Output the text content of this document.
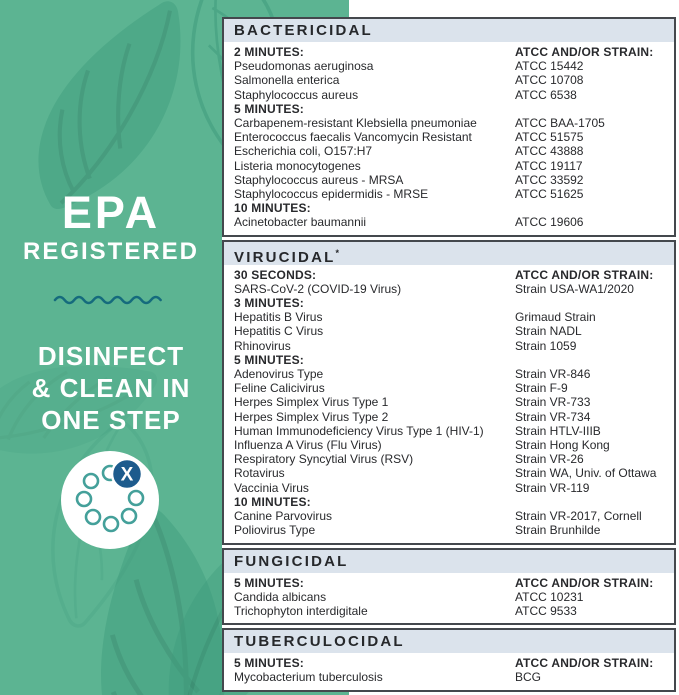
EPA
REGISTERED
DISINFECT
& CLEAN IN
ONE STEP
X
BACTERICIDAL
2 MINUTES:	ATCC AND/OR STRAIN:
Pseudomonas aeruginosa	ATCC 15442
Salmonella enterica	ATCC 10708
Staphylococcus aureus	ATCC 6538
5 MINUTES:
Carbapenem-resistant Klebsiella pneumoniae	ATCC BAA-1705
Enterococcus faecalis Vancomycin Resistant	ATCC 51575
Escherichia coli, O157:H7	ATCC 43888
Listeria monocytogenes	ATCC 19117
Staphylococcus aureus - MRSA	ATCC 33592
Staphylococcus epidermidis - MRSE	ATCC 51625
10 MINUTES:
Acinetobacter baumannii	ATCC 19606
VIRUCIDAL*
30 SECONDS:	ATCC AND/OR STRAIN:
SARS-CoV-2 (COVID-19 Virus)	Strain USA-WA1/2020
3 MINUTES:
Hepatitis B Virus	Grimaud Strain
Hepatitis C Virus	Strain NADL
Rhinovirus	Strain 1059
5 MINUTES:
Adenovirus Type	Strain VR-846
Feline Calicivirus	Strain F-9
Herpes Simplex Virus Type 1	Strain VR-733
Herpes Simplex Virus Type 2	Strain VR-734
Human Immunodeficiency Virus Type 1 (HIV-1)	Strain HTLV-IIIB
Influenza A Virus (Flu Virus)	Strain Hong Kong
Respiratory Syncytial Virus (RSV)	Strain VR-26
Rotavirus	Strain WA, Univ. of Ottawa
Vaccinia Virus	Strain VR-119
10 MINUTES:
Canine Parvovirus	Strain VR-2017, Cornell
Poliovirus Type	Strain Brunhilde
FUNGICIDAL
5 MINUTES:	ATCC AND/OR STRAIN:
Candida albicans	ATCC 10231
Trichophyton interdigitale	ATCC 9533
TUBERCULOCIDAL
5 MINUTES:	ATCC AND/OR STRAIN:
Mycobacterium tuberculosis	BCG
